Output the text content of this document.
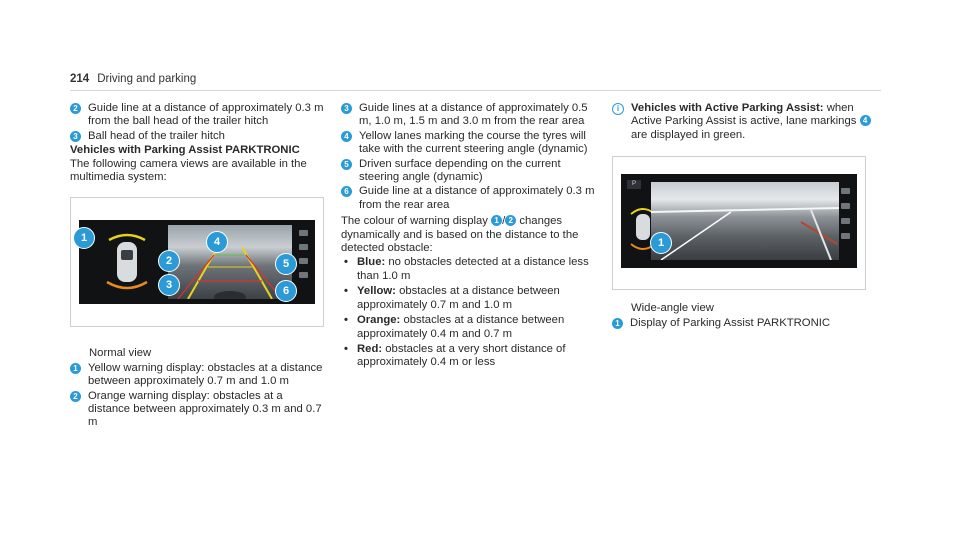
214 Driving and parking
2 Guide line at a distance of approximately 0.3 m from the ball head of the trailer hitch
3 Ball head of the trailer hitch

Vehicles with Parking Assist PARKTRONIC

The following camera views are available in the multimedia system:

1
2
3
4
5
6

Normal view

1 Yellow warning display: obstacles at a distance between approximately 0.7 m and 1.0 m
2 Orange warning display: obstacles at a distance between approximately 0.3 m and 0.7 m
3 Guide lines at a distance of approximately 0.5 m, 1.0 m, 1.5 m and 3.0 m from the rear area
4 Yellow lanes marking the course the tyres will take with the current steering angle (dynamic)
5 Driven surface depending on the current steering angle (dynamic)
6 Guide line at a distance of approximately 0.3 m from the rear area

The colour of warning display 1 / 2 changes dynamically and is based on the distance to the detected obstacle:

• Blue: no obstacles detected at a distance less than 1.0 m
• Yellow: obstacles at a distance between approximately 0.7 m and 1.0 m
• Orange: obstacles at a distance between approximately 0.4 m and 0.7 m
• Red: obstacles at a very short distance of approximately 0.4 m or less
i	Vehicles with Active Parking Assist: when Active Parking Assist is active, lane markings 4 are displayed in green.
P
1

Wide-angle view

1 Display of Parking Assist PARKTRONIC
